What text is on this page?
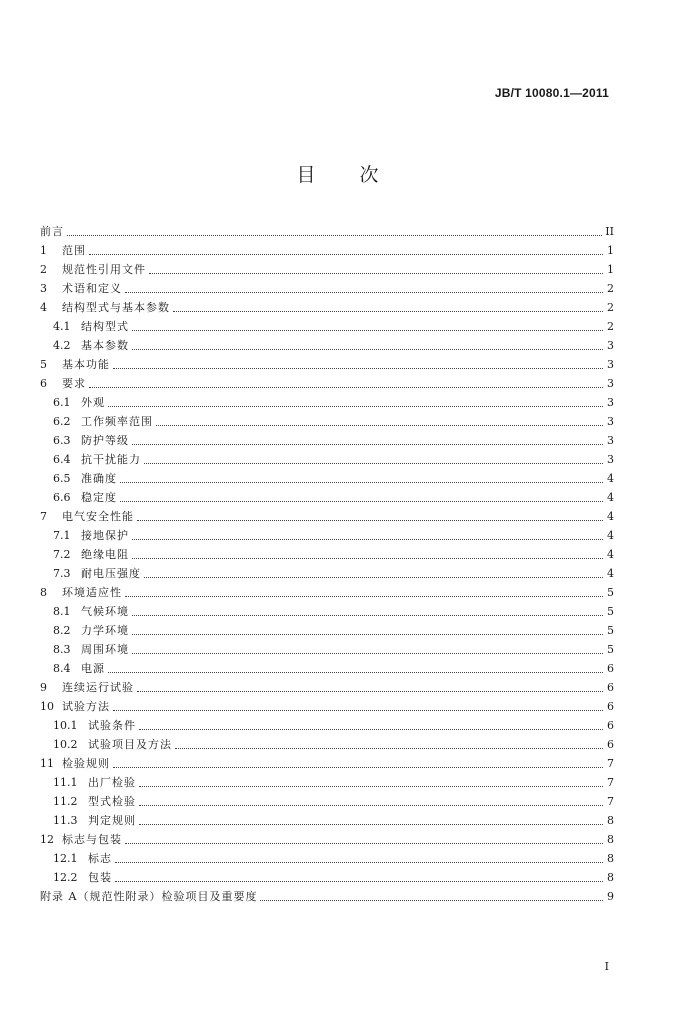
JB/T 10080.1—2011
目 次
前言	II
1	范围	1
2	规范性引用文件	1
3	术语和定义	2
4	结构型式与基本参数	2
4.1 结构型式	2
4.2 基本参数	3
5	基本功能	3
6	要求	3
6.1 外观	3
6.2 工作频率范围	3
6.3 防护等级	3
6.4 抗干扰能力	3
6.5 准确度	4
6.6 稳定度	4
7	电气安全性能	4
7.1 接地保护	4
7.2 绝缘电阻	4
7.3 耐电压强度	4
8	环境适应性	5
8.1 气候环境	5
8.2 力学环境	5
8.3 周围环境	5
8.4 电源	6
9	连续运行试验	6
10 试验方法	6
10.1 试验条件	6
10.2 试验项目及方法	6
11 检验规则	7
11.1 出厂检验	7
11.2 型式检验	7
11.3 判定规则	8
12 标志与包装	8
12.1 标志	8
12.2 包装	8
附录 A（规范性附录）检验项目及重要度	9
I
